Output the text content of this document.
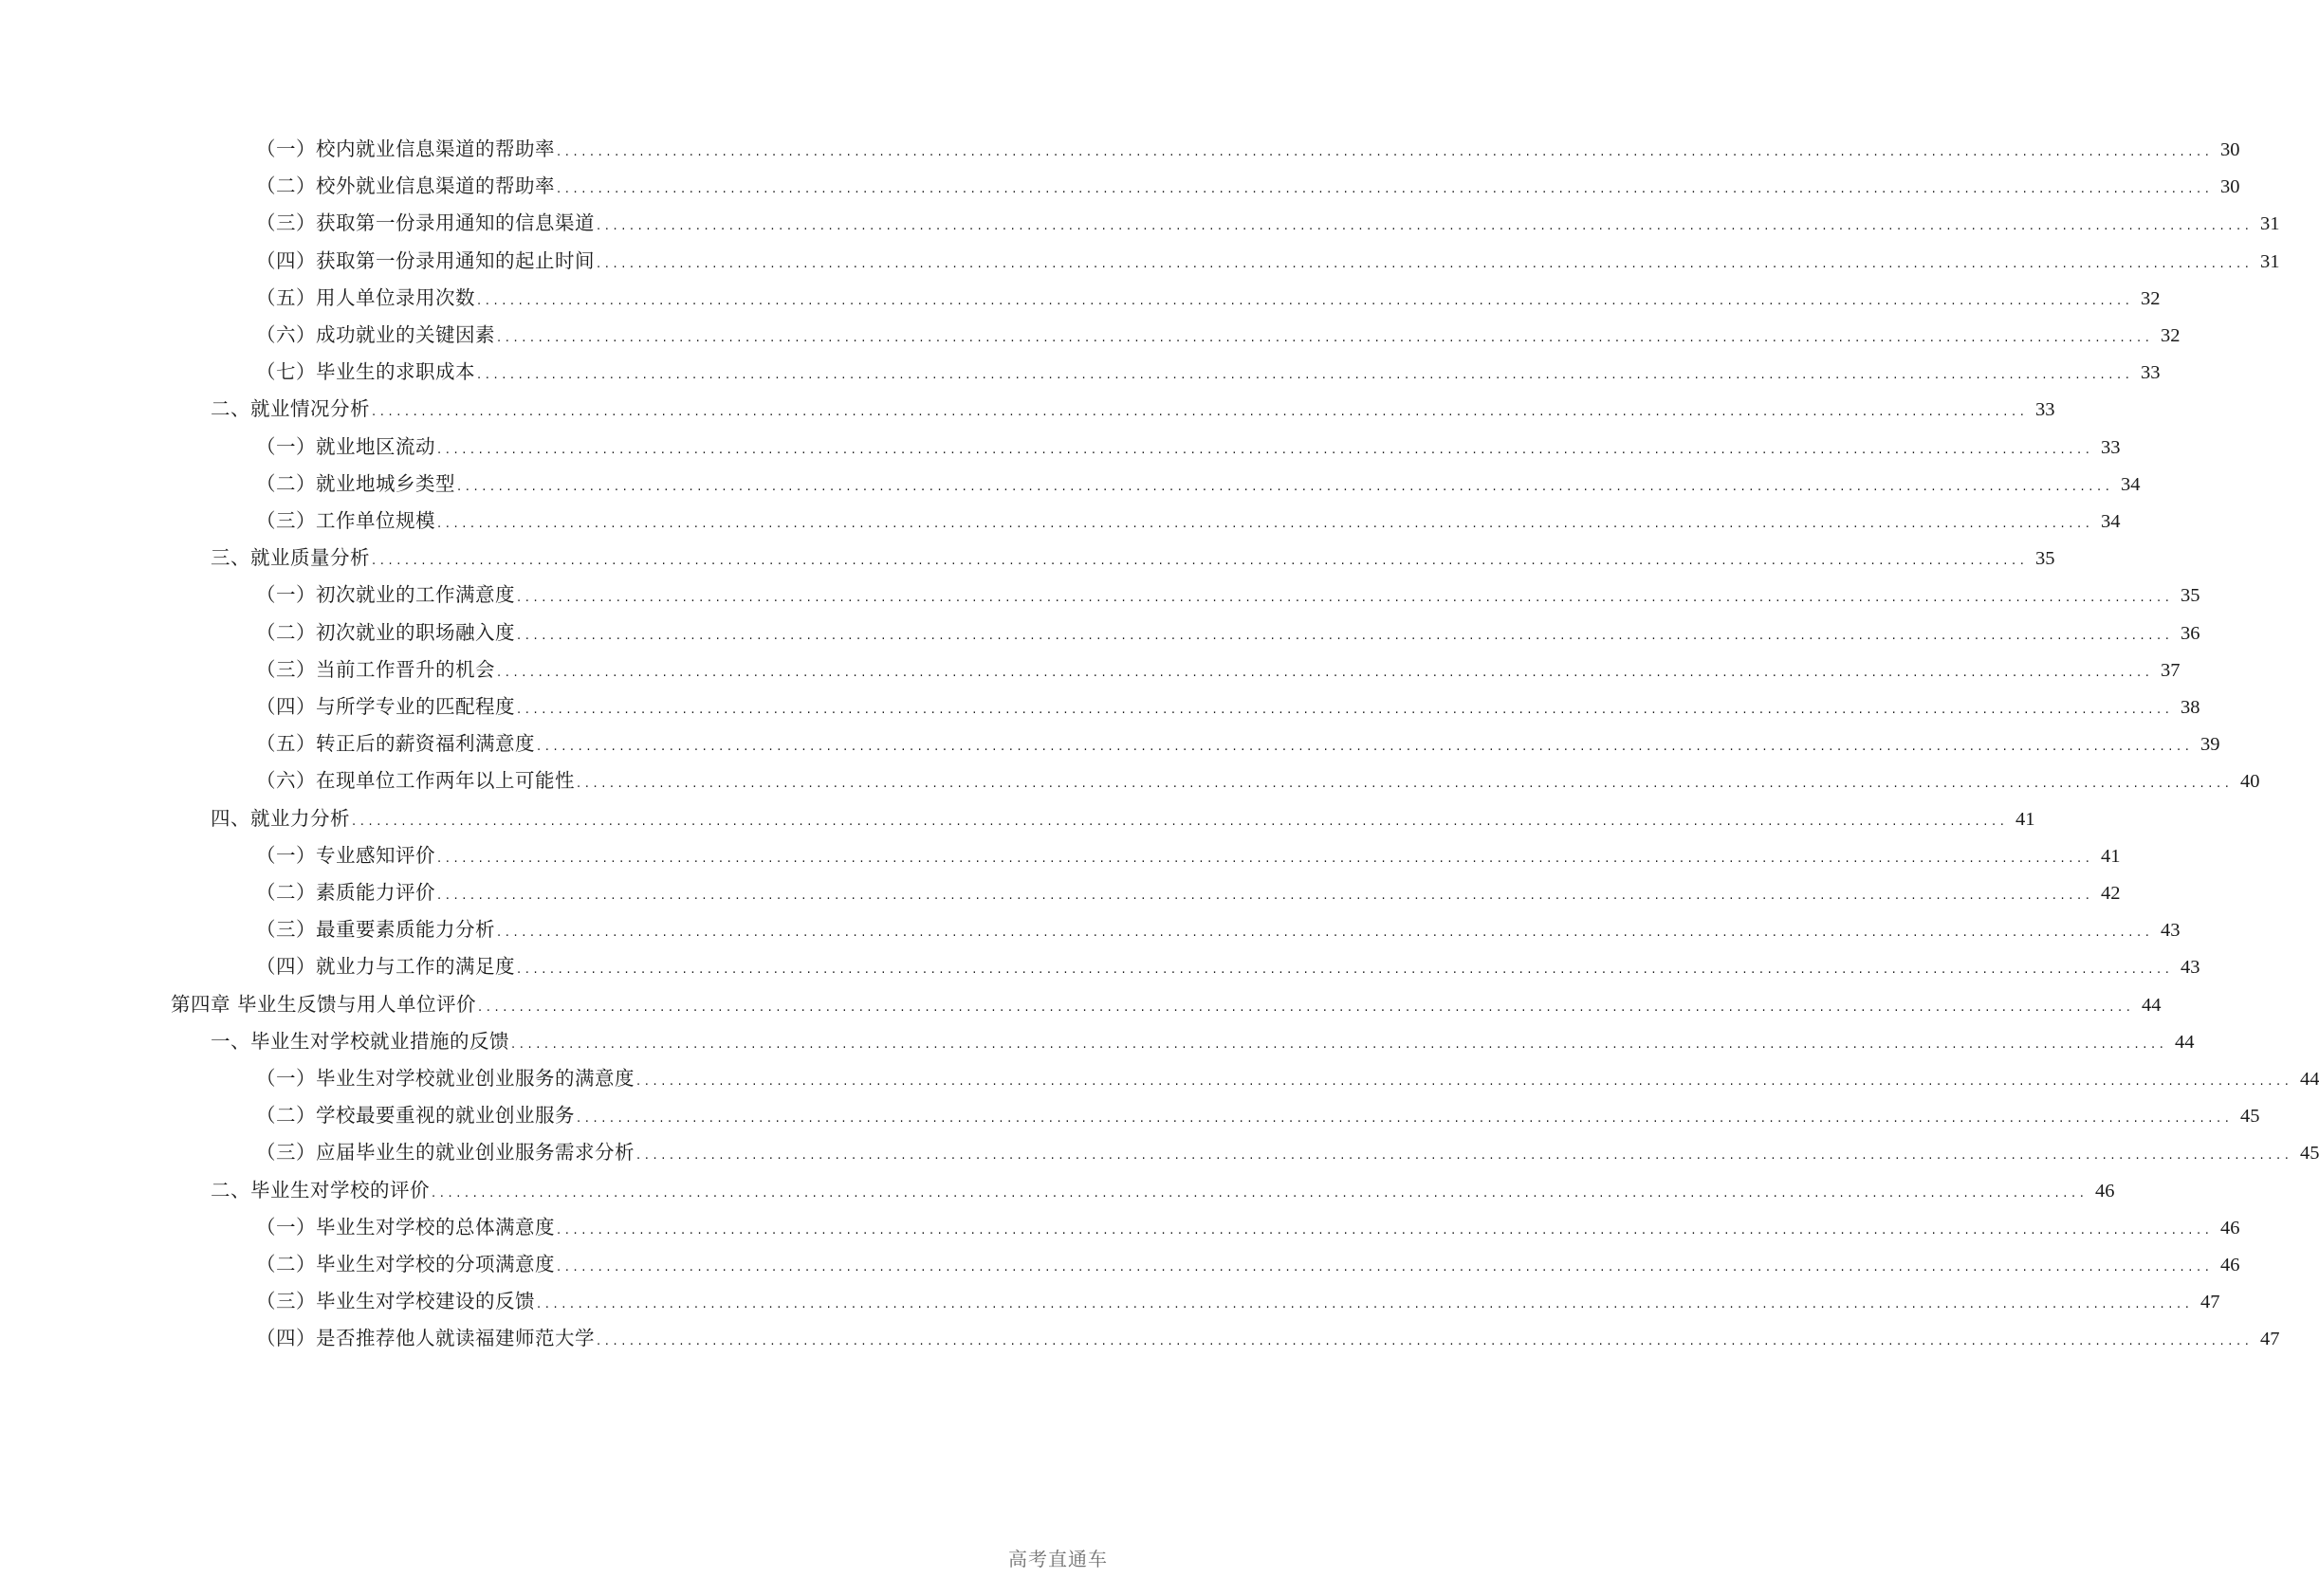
（一）校内就业信息渠道的帮助率 ........................................................................................................................................................................................................ 30
（二）校外就业信息渠道的帮助率 ........................................................................................................................................................................................................ 30
（三）获取第一份录用通知的信息渠道 ........................................................................................................................................................................................................ 31
（四）获取第一份录用通知的起止时间 ........................................................................................................................................................................................................ 31
（五）用人单位录用次数 ........................................................................................................................................................................................................ 32
（六）成功就业的关键因素 ........................................................................................................................................................................................................ 32
（七）毕业生的求职成本 ........................................................................................................................................................................................................ 33
二、就业情况分析 ........................................................................................................................................................................................................ 33
（一）就业地区流动 ........................................................................................................................................................................................................ 33
（二）就业地城乡类型 ........................................................................................................................................................................................................ 34
（三）工作单位规模 ........................................................................................................................................................................................................ 34
三、就业质量分析 ........................................................................................................................................................................................................ 35
（一）初次就业的工作满意度 ........................................................................................................................................................................................................ 35
（二）初次就业的职场融入度 ........................................................................................................................................................................................................ 36
（三）当前工作晋升的机会 ........................................................................................................................................................................................................ 37
（四）与所学专业的匹配程度 ........................................................................................................................................................................................................ 38
（五）转正后的薪资福利满意度 ........................................................................................................................................................................................................ 39
（六）在现单位工作两年以上可能性 ........................................................................................................................................................................................................ 40
四、就业力分析 ........................................................................................................................................................................................................ 41
（一）专业感知评价 ........................................................................................................................................................................................................ 41
（二）素质能力评价 ........................................................................................................................................................................................................ 42
（三）最重要素质能力分析 ........................................................................................................................................................................................................ 43
（四）就业力与工作的满足度 ........................................................................................................................................................................................................ 43
第四章 毕业生反馈与用人单位评价 ........................................................................................................................................................................................................ 44
一、毕业生对学校就业措施的反馈 ........................................................................................................................................................................................................ 44
（一）毕业生对学校就业创业服务的满意度 ........................................................................................................................................................................................................ 44
（二）学校最要重视的就业创业服务 ........................................................................................................................................................................................................ 45
（三）应届毕业生的就业创业服务需求分析 ........................................................................................................................................................................................................ 45
二、毕业生对学校的评价 ........................................................................................................................................................................................................ 46
（一）毕业生对学校的总体满意度 ........................................................................................................................................................................................................ 46
（二）毕业生对学校的分项满意度 ........................................................................................................................................................................................................ 46
（三）毕业生对学校建设的反馈 ........................................................................................................................................................................................................ 47
（四）是否推荐他人就读福建师范大学 ........................................................................................................................................................................................................ 47
高考直通车
